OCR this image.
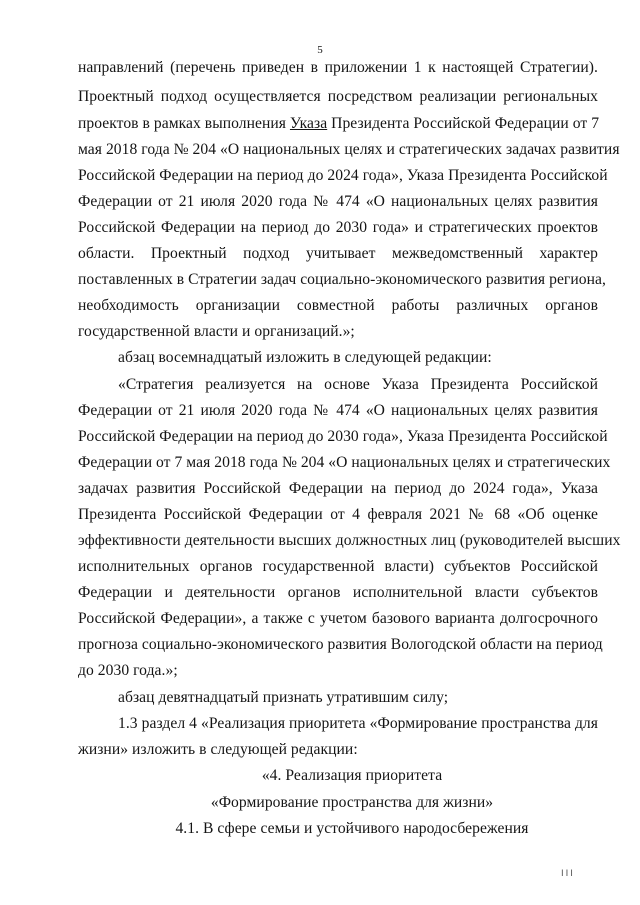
5
направлений (перечень приведен в приложении 1 к настоящей Стратегии).
Проектный подход осуществляется посредством реализации региональных
проектов в рамках выполнения Указа Президента Российской Федерации от 7
мая 2018 года № 204 «О национальных целях и стратегических задачах развития
Российской Федерации на период до 2024 года», Указа Президента Российской
Федерации от 21 июля 2020 года № 474 «О национальных целях развития
Российской Федерации на период до 2030 года» и стратегических проектов
области. Проектный подход учитывает межведомственный характер
поставленных в Стратегии задач социально-экономического развития региона,
необходимость организации совместной работы различных органов
государственной власти и организаций.»;
абзац восемнадцатый изложить в следующей редакции:
«Стратегия реализуется на основе Указа Президента Российской
Федерации от 21 июля 2020 года № 474 «О национальных целях развития
Российской Федерации на период до 2030 года», Указа Президента Российской
Федерации от 7 мая 2018 года № 204 «О национальных целях и стратегических
задачах развития Российской Федерации на период до 2024 года», Указа
Президента Российской Федерации от 4 февраля 2021 № 68 «Об оценке
эффективности деятельности высших должностных лиц (руководителей высших
исполнительных органов государственной власти) субъектов Российской
Федерации и деятельности органов исполнительной власти субъектов
Российской Федерации», а также с учетом базового варианта долгосрочного
прогноза социально-экономического развития Вологодской области на период
до 2030 года.»;
абзац девятнадцатый признать утратившим силу;
1.3 раздел 4 «Реализация приоритета «Формирование пространства для
жизни» изложить в следующей редакции:
«4. Реализация приоритета
«Формирование пространства для жизни»
4.1. В сфере семьи и устойчивого народосбережения
III
